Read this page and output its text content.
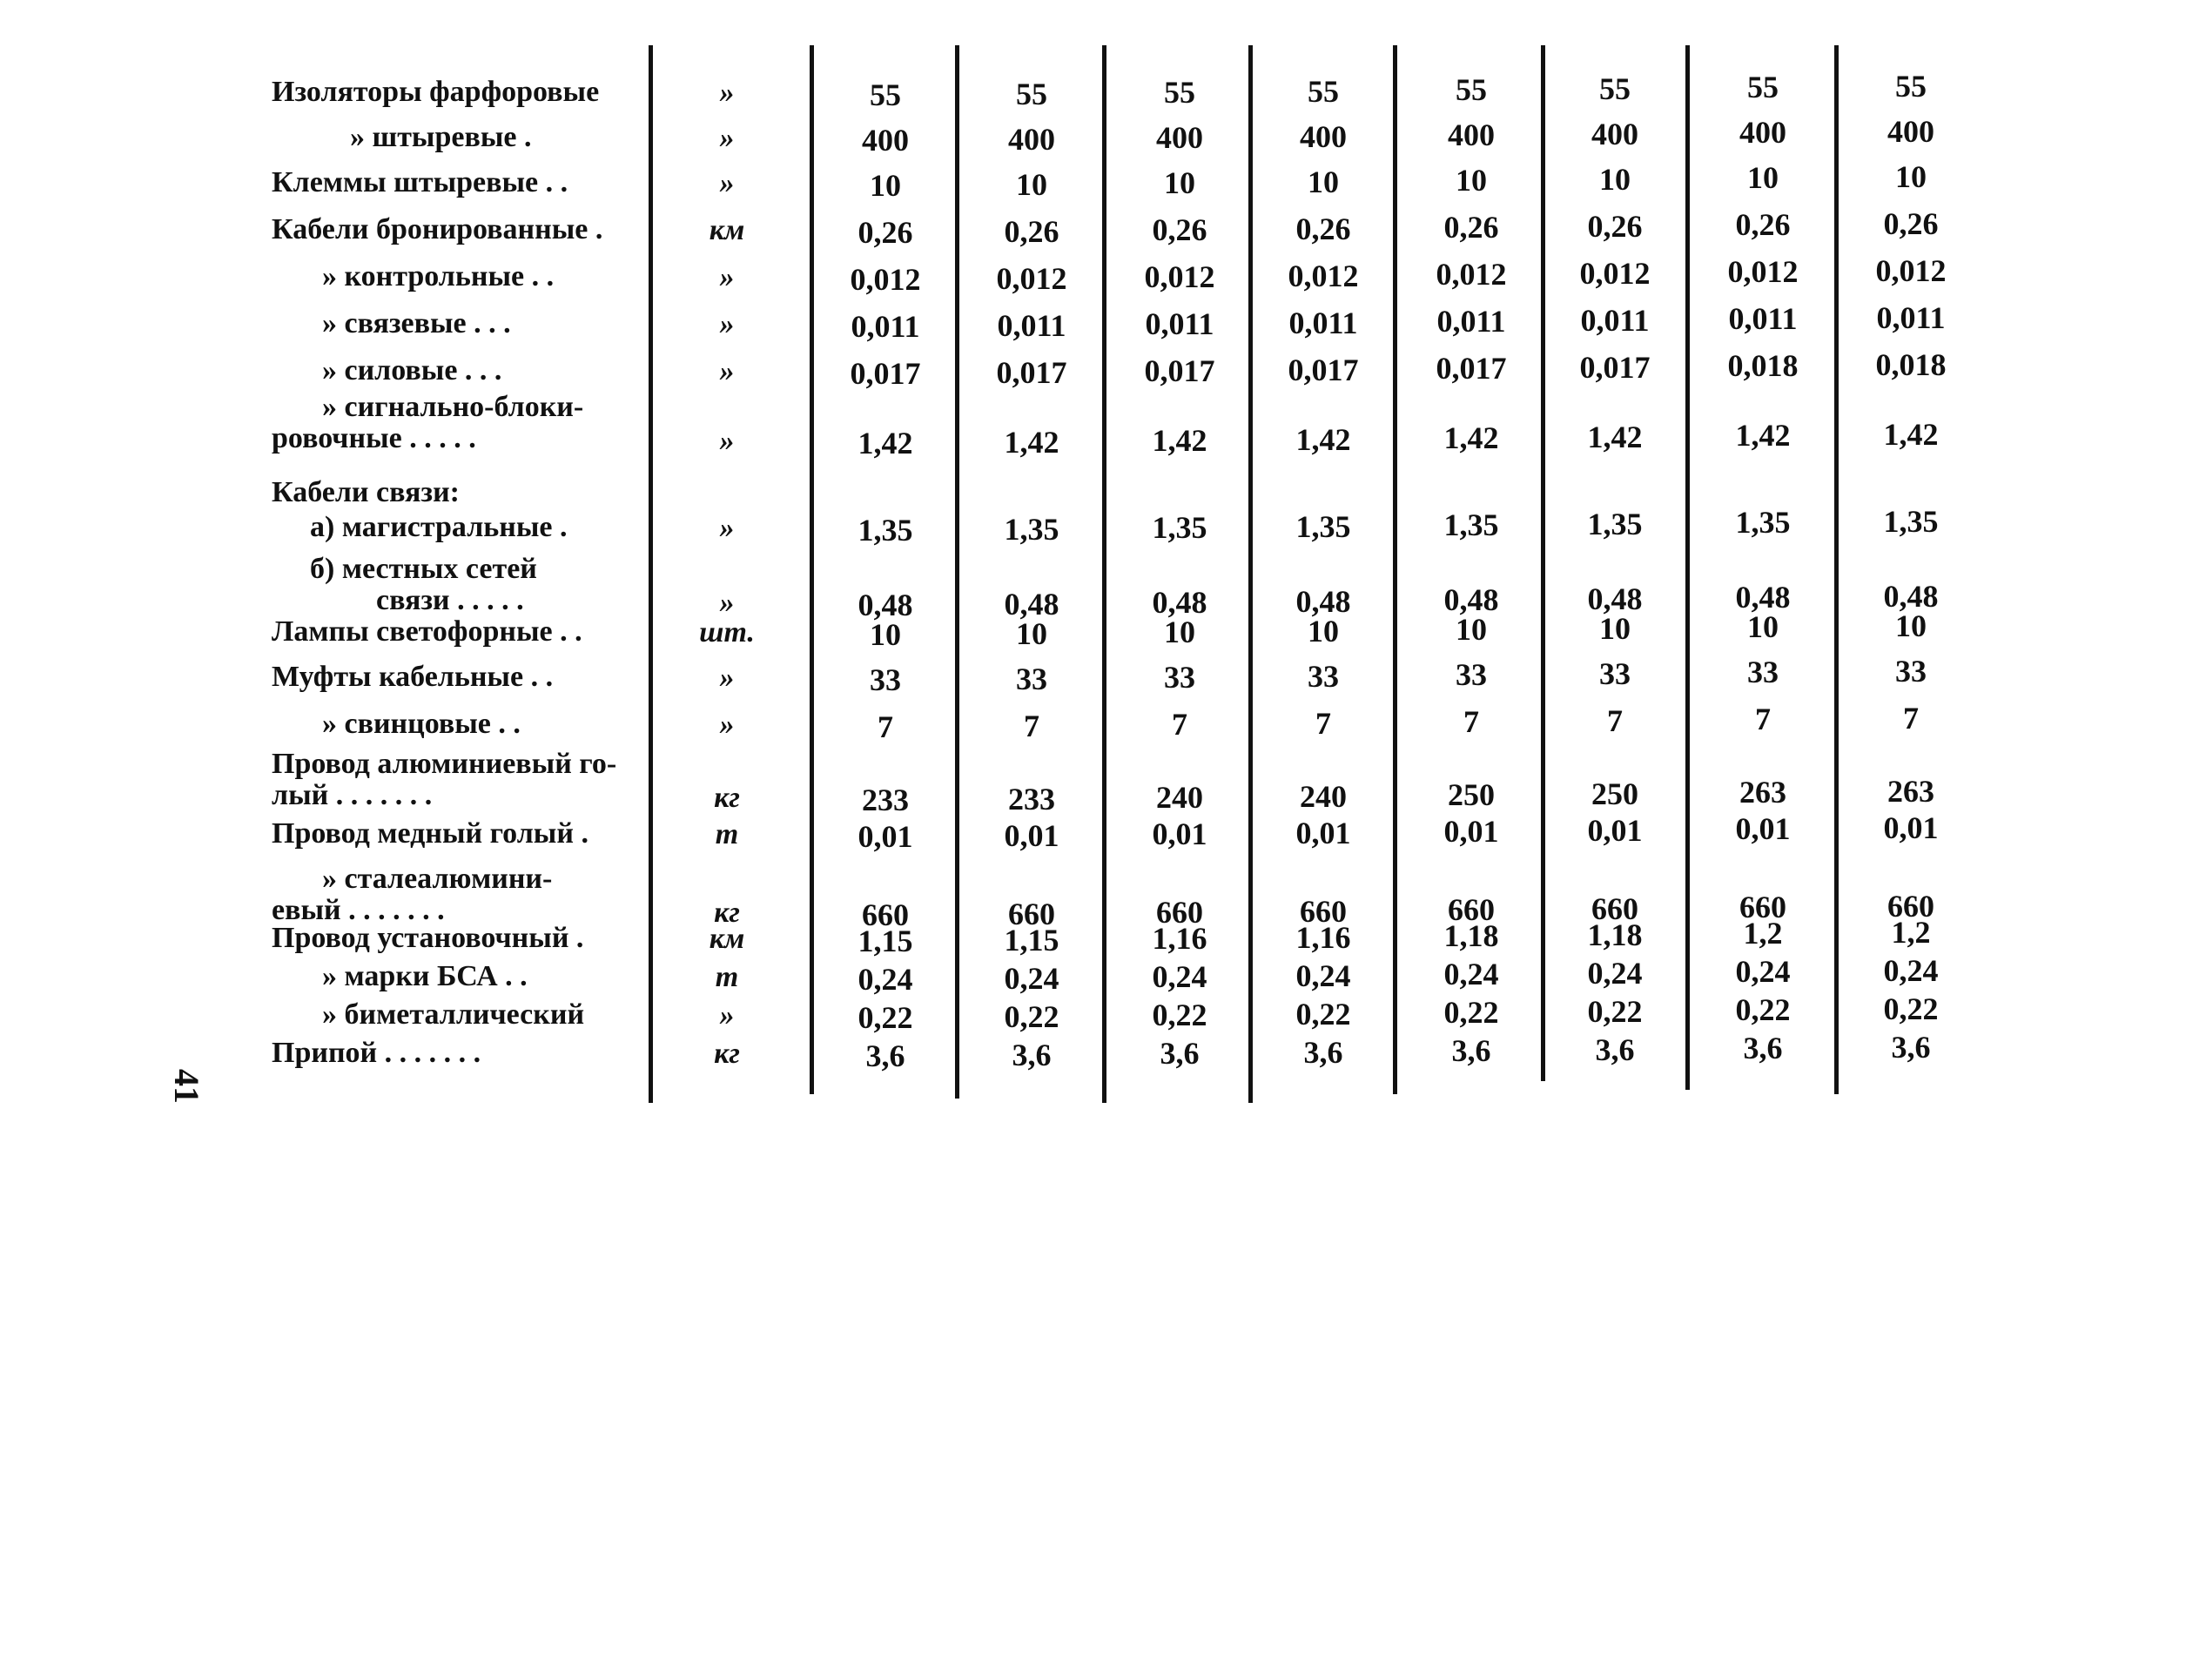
Изоляторы фарфоровые	»	55	55	55	55	55	55	55	55
» штыревые .	»	400	400	400	400	400	400	400	400
Клеммы штыревые . .	»	10	10	10	10	10	10	10	10
Кабели бронированные .	км	0,26	0,26	0,26	0,26	0,26	0,26	0,26	0,26
» контрольные . .	»	0,012	0,012	0,012	0,012	0,012	0,012	0,012	0,012
» связевые . . .	»	0,011	0,011	0,011	0,011	0,011	0,011	0,011	0,011
» силовые . . .	»	0,017	0,017	0,017	0,017	0,017	0,017	0,018	0,018
» сигнально-блоки-
ровочные . . . . .	»	1,42	1,42	1,42	1,42	1,42	1,42	1,42	1,42
Кабели связи:
а) магистральные .	»	1,35	1,35	1,35	1,35	1,35	1,35	1,35	1,35
б) местных сетей
связи . . . . .	»	0,48	0,48	0,48	0,48	0,48	0,48	0,48	0,48
Лампы светофорные . .	шт.	10	10	10	10	10	10	10	10
Муфты кабельные . .	»	33	33	33	33	33	33	33	33
» свинцовые . .	»	7	7	7	7	7	7	7	7
Провод алюминиевый го-
лый . . . . . . .	кг	233	233	240	240	250	250	263	263
Провод медный голый .	т	0,01	0,01	0,01	0,01	0,01	0,01	0,01	0,01
» сталеалюмини-
евый . . . . . . .	кг	660	660	660	660	660	660	660	660
Провод установочный .	км	1,15	1,15	1,16	1,16	1,18	1,18	1,2	1,2
» марки БСА . .	т	0,24	0,24	0,24	0,24	0,24	0,24	0,24	0,24
» биметаллический	»	0,22	0,22	0,22	0,22	0,22	0,22	0,22	0,22
Припой . . . . . . .	кг	3,6	3,6	3,6	3,6	3,6	3,6	3,6	3,6
41
